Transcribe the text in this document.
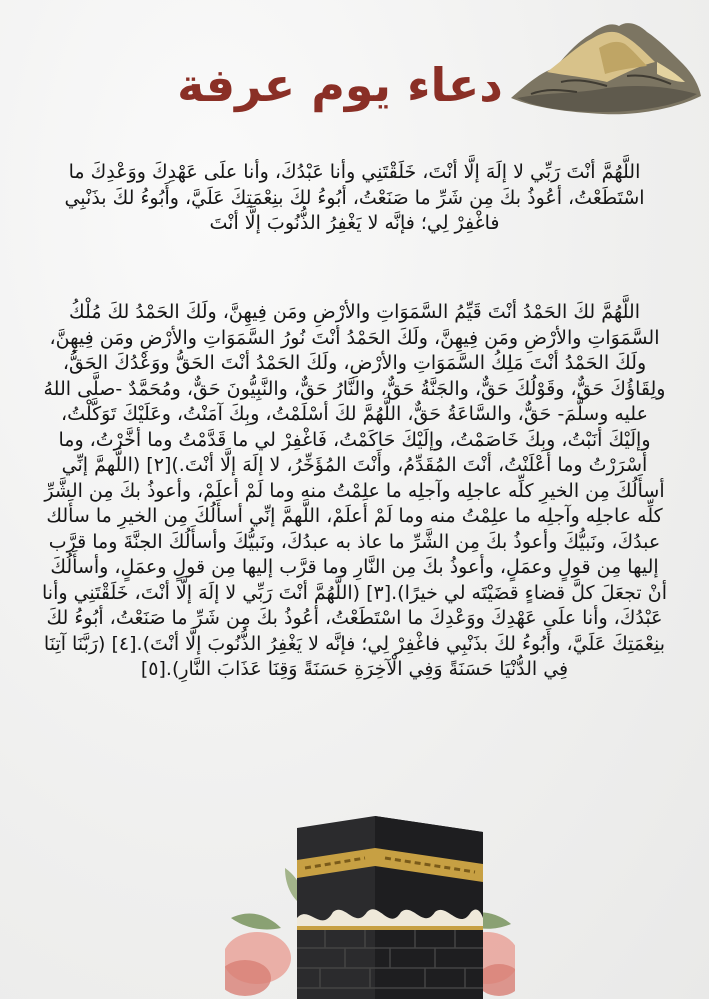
دعاء يوم عرفة
اللَّهُمَّ أنْتَ رَبِّي لا إلَهَ إلَّا أنْتَ، خَلَقْتَنِي وأنا عَبْدُكَ، وأنا علَى عَهْدِكَ ووَعْدِكَ ما اسْتَطَعْتُ، أعُوذُ بكَ مِن شَرِّ ما صَنَعْتُ، أبُوءُ لكَ بنِعْمَتِكَ عَلَيَّ، وأَبُوءُ لكَ بذَنْبِي فاغْفِرْ لِي؛ فإنَّه لا يَغْفِرُ الذُّنُوبَ إلَّا أنْتَ
اللَّهُمَّ لكَ الحَمْدُ أنْتَ قَيِّمُ السَّمَوَاتِ والأرْضِ ومَن فِيهِنَّ، ولَكَ الحَمْدُ لكَ مُلْكُ السَّمَوَاتِ والأرْضِ ومَن فِيهِنَّ، ولَكَ الحَمْدُ أنْتَ نُورُ السَّمَوَاتِ والأرْضِ ومَن فِيهِنَّ، ولَكَ الحَمْدُ أنْتَ مَلِكُ السَّمَوَاتِ والأرْضِ، ولَكَ الحَمْدُ أنْتَ الحَقُّ ووَعْدُكَ الحَقُّ، ولِقَاؤُكَ حَقٌّ، وقَوْلُكَ حَقٌّ، والجَنَّةُ حَقٌّ، والنَّارُ حَقٌّ، والنَّبِيُّونَ حَقٌّ، ومُحَمَّدٌ -صلَّى اللهُ عليه وسلَّمَ- حَقٌّ، والسَّاعَةُ حَقٌّ، اللَّهُمَّ لكَ أسْلَمْتُ، وبِكَ آمَنْتُ، وعَلَيْكَ تَوَكَّلْتُ، وإلَيْكَ أنَبْتُ، وبِكَ خَاصَمْتُ، وإلَيْكَ حَاكَمْتُ، فَاغْفِرْ لي ما قَدَّمْتُ وما أخَّرْتُ، وما أسْرَرْتُ وما أعْلَنْتُ، أنْتَ المُقَدِّمُ، وأَنْتَ المُؤَخِّرُ، لا إلَهَ إلَّا أنْتَ.)[٢] (اللَّهمَّ إنِّي أسأَلُكَ مِن الخيرِ كلِّه عاجلِه وآجلِه ما علِمْتُ منه وما لَمْ أعلَمْ، وأعوذُ بكَ مِن الشَّرِّ كلِّه عاجلِه وآجلِه ما علِمْتُ منه وما لَمْ أعلَمْ، اللَّهمَّ إنِّي أسأَلُكَ مِن الخيرِ ما سأَلك عبدُكَ، ونَبيُّكَ وأعوذُ بكَ مِن الشَّرِّ ما عاذ به عبدُكَ، ونَبيُّكَ وأسأَلُكَ الجنَّةَ وما قرَّب إليها مِن قولٍ وعمَلٍ، وأعوذُ بكَ مِن النَّارِ وما قرَّب إليها مِن قولٍ وعمَلٍ، وأسأَلُكَ أنْ تجعَلَ كلَّ قضاءٍ قضَيْتَه لي خيرًا).[٣] (اللَّهُمَّ أنْتَ رَبِّي لا إلَهَ إلَّا أنْتَ، خَلَقْتَنِي وأنا عَبْدُكَ، وأنا علَى عَهْدِكَ ووَعْدِكَ ما اسْتَطَعْتُ، أعُوذُ بكَ مِن شَرِّ ما صَنَعْتُ، أبُوءُ لكَ بنِعْمَتِكَ عَلَيَّ، وأَبُوءُ لكَ بذَنْبِي فاغْفِرْ لِي؛ فإنَّه لا يَغْفِرُ الذُّنُوبَ إلَّا أنْتَ).[٤] (رَبَّنَا آتِنَا فِي الدُّنْيَا حَسَنَةً وَفِي الْآخِرَةِ حَسَنَةً وَقِنَا عَذَابَ النَّارِ).[٥]
